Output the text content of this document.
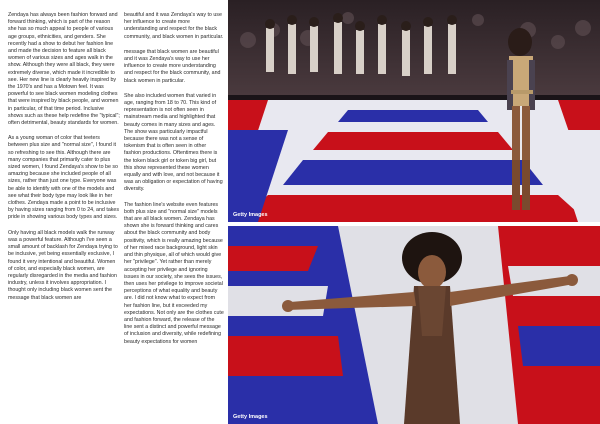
Zendaya has always been fashion forward and forward thinking, which is part of the reason she has so much appeal to people of various age groups, ethnicities, and genders. She recently had a show to debut her fashion line and made the decision to feature all black women of various sizes and ages walk in the show. Although they were all black, they were extremely diverse, which made it incredible to see. Her new line is clearly heavily inspired by the 1970's and has a Motown feel. It was powerful to see black women modeling clothes that were inspired by black people, and women in particular, of that time period. Inclusive shows such as these help redefine the "typical"; often detrimental, beauty standards for women.

As a young woman of color that teeters between plus size and "normal size", I found it so refreshing to see this. Although there are many companies that primarily cater to plus sized women, I found Zendaya's show to be so amazing because she included people of all sizes, rather than just one type. Everyone was be able to identify with one of the models and see what their body type may look like in her clothes. Zendaya made a point to be inclusive by having sizes ranging from 0 to 24, and takes pride in showing various body types and sizes.

Only having all black models walk the runway was a powerful feature. Although I've seen a small amount of backlash for Zendaya trying to be inclusive, yet being essentially exclusive, I found it very intentional and beautiful. Women of color, and especially black women, are regularly disregarded in the media and fashion industry, unless it involves appropriation. I thought only including black women sent the message that black women are

beautiful and it was Zendaya's way to use her influence to create more understanding and respect for the black community, and black women in particular.

message that black women are beautiful and it was Zendaya's way to use her influence to create more understanding and respect for the black community, and black women in particular.

She also included women that varied in age, ranging from 18 to 70. This kind of representation is not often seen in mainstream media and highlighted that beauty comes in many sizes and ages. The show was particularly impactful because there was not a sense of tokenism that is often seen in other fashion productions. Oftentimes there is the token black girl or token big girl, but this show represented these women equally and with love, and not because it was an obligation or expectation of having diversity.

The fashion line's website even features both plus size and "normal size" models that are all black women. Zendaya has shown she is forward thinking and cares about the black community and body positivity, which is really amazing because of her mixed race background, light skin and thin physique, all of which would give her "privilege". Yet rather than merely accepting her privilege and ignoring issues in our society, she sees the issues, then uses her privilege to improve societal perceptions of what equality and beauty are. I did not know what to expect from her fashion line, but it exceeded my expectations. Not only are the clothes cute and fashion forward, the release of the line sent a distinct and powerful message of inclusion and diversity, while redefining beauty expectations for women

Getty Images
Getty Images
